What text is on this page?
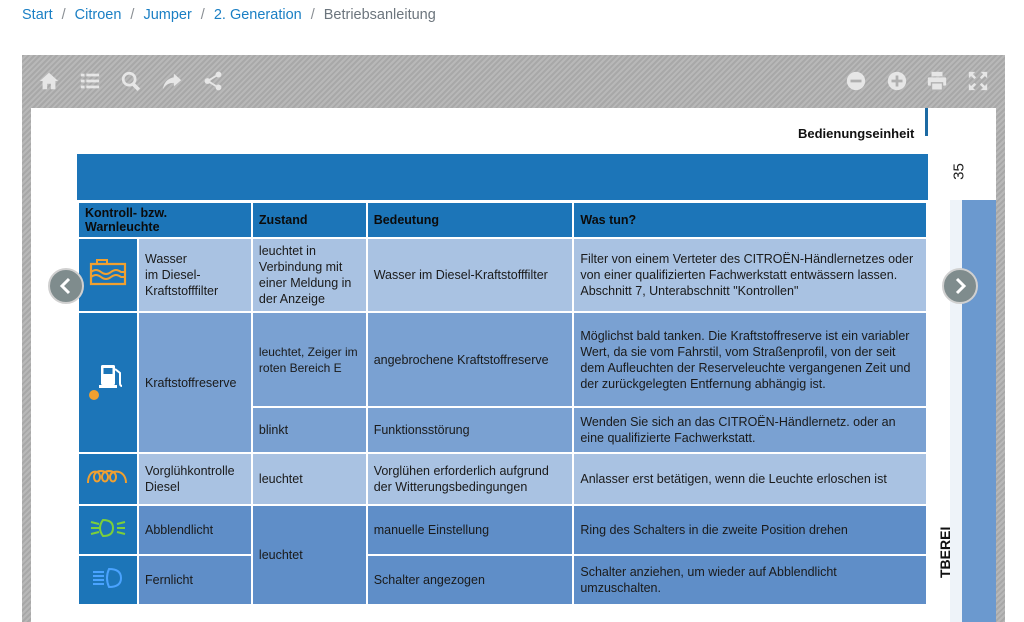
Start / Citroen / Jumper / 2. Generation / Betriebsanleitung
Bedienungseinheit
35
TBEREI
Kontroll- bzw. Warnleuchte		Zustand	Bedeutung	Was tun?
	Wasser
im Diesel-
Kraftstofffilter	leuchtet in Verbindung mit einer Meldung in der Anzeige	Wasser im Diesel-Kraftstofffilter	Filter von einem Verteter des CITROËN-Händlernetzes oder von einer qualifizierten Fachwerkstatt entwässern lassen. Abschnitt 7, Unterabschnitt "Kontrollen"
	Kraftstoffreserve	leuchtet, Zeiger im roten Bereich E	angebrochene Kraftstoffreserve	Möglichst bald tanken. Die Kraftstoffreserve ist ein variabler Wert, da sie vom Fahrstil, vom Straßenprofil, von der seit dem Aufleuchten der Reserveleuchte vergangenen Zeit und der zurückgelegten Entfernung abhängig ist.
		blinkt	Funktionsstörung	Wenden Sie sich an das CITROËN-Händlernetz. oder an eine qualifizierte Fachwerkstatt.
	Vorglühkontrolle Diesel	leuchtet	Vorglühen erforderlich aufgrund der Witterungsbedingungen	Anlasser erst betätigen, wenn die Leuchte erloschen ist
	Abblendlicht	leuchtet	manuelle Einstellung	Ring des Schalters in die zweite Position drehen
	Fernlicht		Schalter angezogen	Schalter anziehen, um wieder auf Abblendlicht umzuschalten.
